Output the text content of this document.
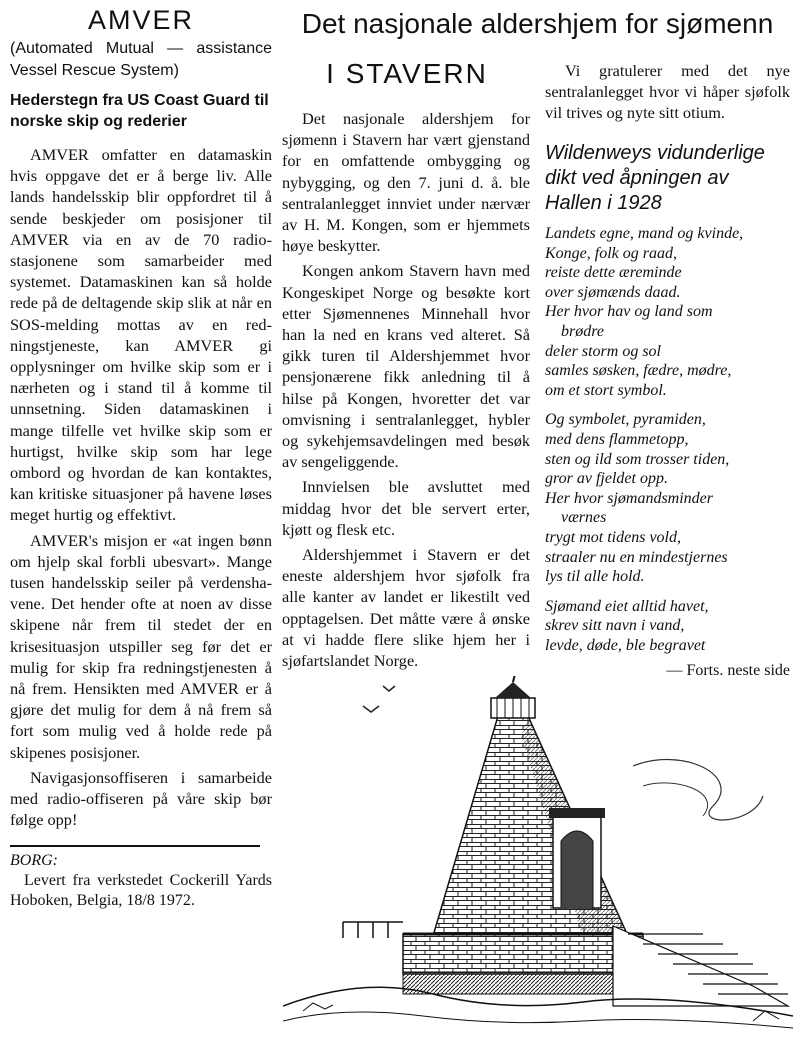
AMVER

(Automated Mutual — assistance Vessel Rescue System)

Hederstegn fra US Coast Guard til norske skip og rederier

AMVER omfatter en datamaskin hvis oppgave det er å berge liv. Alle lands handelsskip blir oppfordret til å sende beskjeder om posisjoner til AMVER via en av de 70 radiostasjonene som samarbeider med systemet. Datamaskinen kan så holde rede på de deltagende skip slik at når en SOS-melding mottas av en redningstjeneste, kan AMVER gi opplysninger om hvilke skip som er i nærheten og i stand til å komme til unnsetning. Siden datamaskinen i mange tilfelle vet hvilke skip som er hurtigst, hvilke skip som har lege ombord og hvordan de kan kontaktes, kan kritiske situasjoner på havene løses meget hurtig og effektivt.

AMVER's misjon er «at ingen bønn om hjelp skal forbli ubesvart». Mange tusen handelsskip seiler på verdenshavene. Det hender ofte at noen av disse skipene når frem til stedet der en krisesituasjon utspiller seg før det er mulig for skip fra redningstjenesten å nå frem. Hensikten med AMVER er å gjøre det mulig for dem å nå frem så fort som mulig ved å holde rede på skipenes posisjoner.

Navigasjonsoffiseren i samarbeide med radio-offiseren på våre skip bør følge opp!

BORG:

Levert fra verkstedet Cockerill Yards Hoboken, Belgia, 18/8 1972.

Det nasjonale aldershjem for sjømenn
I STAVERN

Det nasjonale aldershjem for sjømenn i Stavern har vært gjenstand for en omfattende ombygging og nybygging, og den 7. juni d. å. ble sentralanlegget innviet under nærvær av H. M. Kongen, som er hjemmets høye beskytter.

Kongen ankom Stavern havn med Kongeskipet Norge og besøkte kort etter Sjømennenes Minnehall hvor han la ned en krans ved alteret. Så gikk turen til Aldershjemmet hvor pensjonærene fikk anledning til å hilse på Kongen, hvoretter det var omvisning i sentralanlegget, hybler og sykehjemsavdelingen med besøk av sengeliggende.

Innvielsen ble avsluttet med middag hvor det ble servert erter, kjøtt og flesk etc.

Aldershjemmet i Stavern er det eneste aldershjem hvor sjøfolk fra alle kanter av landet er likestilt ved opptagelsen. Det måtte være å ønske at vi hadde flere slike hjem her i sjøfartslandet Norge.

Vi gratulerer med det nye sentralanlegget hvor vi håper sjøfolk vil trives og nyte sitt otium.

Wildenweys vidunderlige dikt ved åpningen av Hallen i 1928
Landets egne, mand og kvinde,
Konge, folk og raad,
reiste dette æreminde
over sjømænds daad.
Her hvor hav og land som
brødre
deler storm og sol
samles søsken, fædre, mødre,
om et stort symbol.
Og symbolet, pyramiden,
med dens flammetopp,
sten og ild som trosser tiden,
gror av fjeldet opp.
Her hvor sjømandsminder
værnes
trygt mot tidens vold,
straaler nu en mindestjernes
lys til alle hold.
Sjømand eiet alltid havet,
skrev sitt navn i vand,
levde, døde, ble begravet
— Forts. neste side
